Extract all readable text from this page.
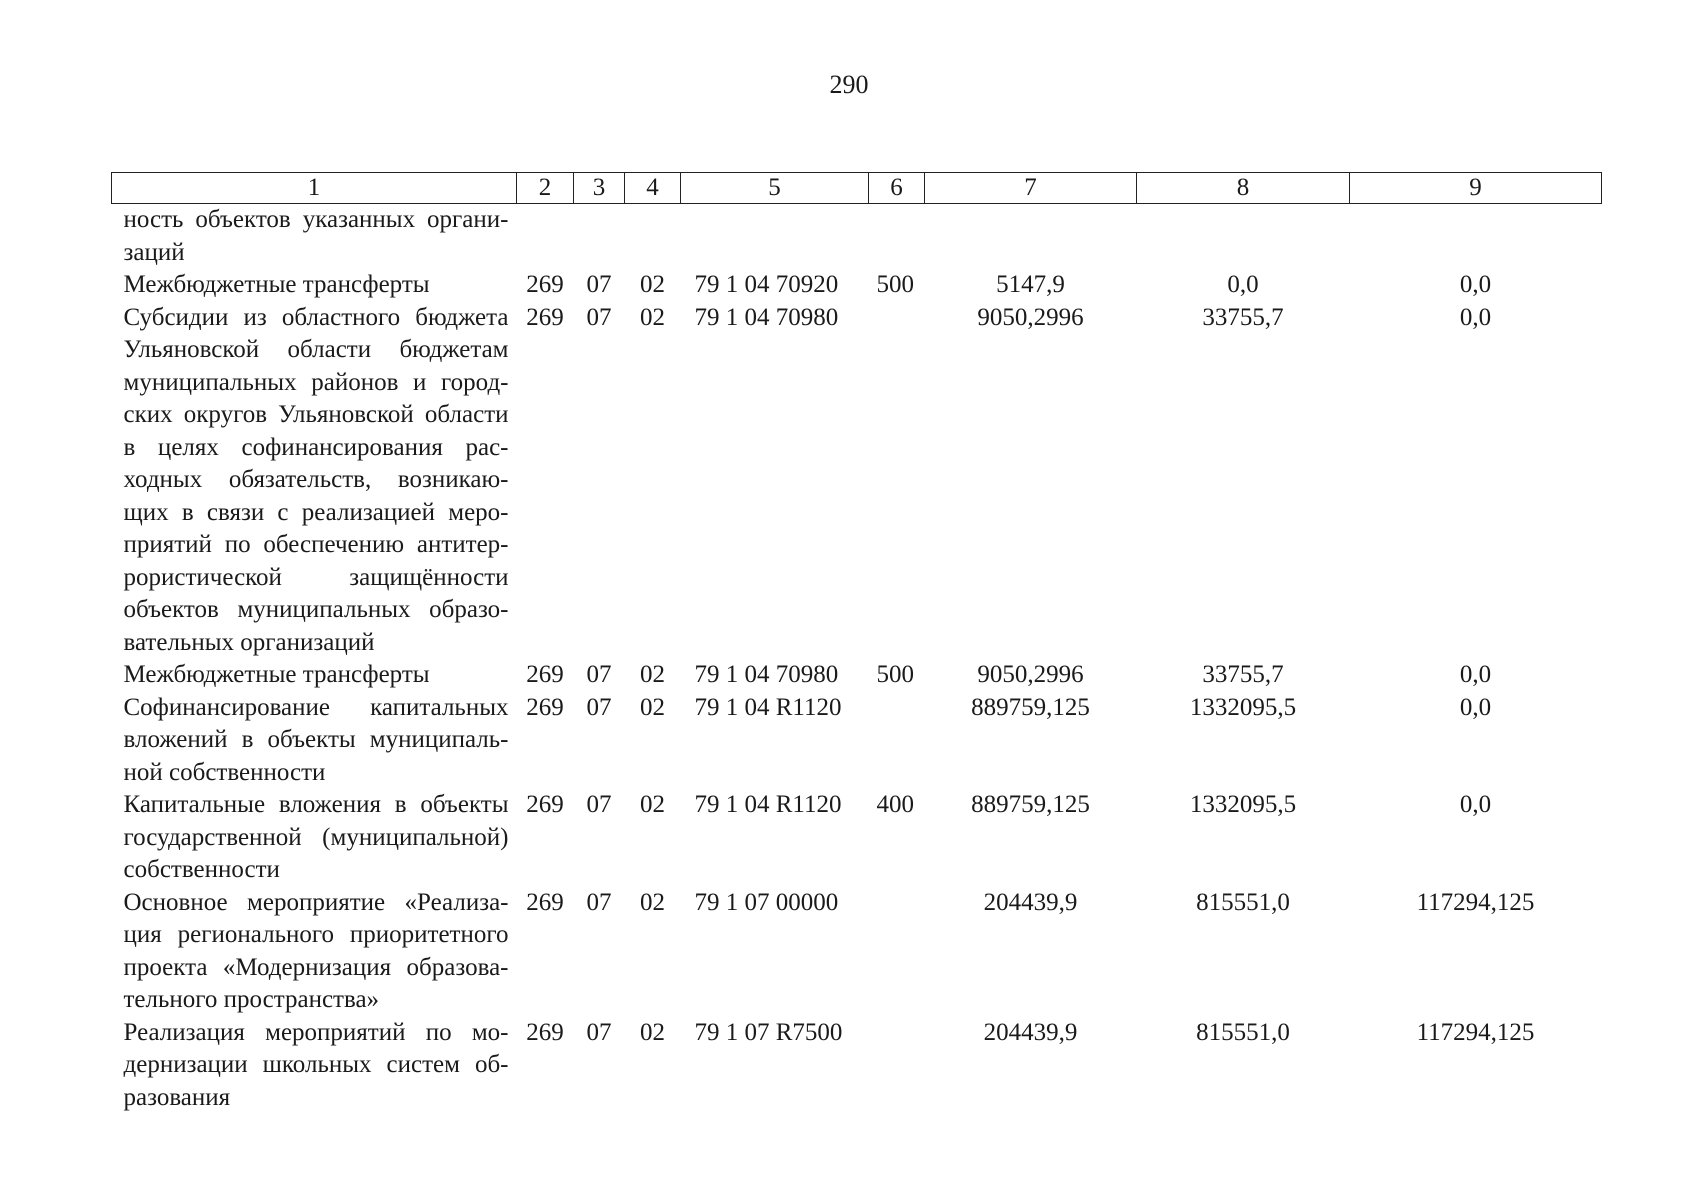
290
1	2	3	4	5	6	7	8	9
ность объектов указанных органи-заций								
Межбюджетные трансферты	269	07	02	79 1 04 70920	500	5147,9	0,0	0,0
Субсидии из областного бюджета Ульяновской области бюджетам муниципальных районов и город-ских округов Ульяновской области в целях софинансирования рас-ходных обязательств, возникаю-щих в связи с реализацией меро-приятий по обеспечению антитер-рористической защищённости объектов муниципальных образо-вательных организаций	269	07	02	79 1 04 70980		9050,2996	33755,7	0,0
Межбюджетные трансферты	269	07	02	79 1 04 70980	500	9050,2996	33755,7	0,0
Софинансирование капитальных вложений в объекты муниципаль-ной собственности	269	07	02	79 1 04 R1120		889759,125	1332095,5	0,0
Капитальные вложения в объекты государственной (муниципальной) собственности	269	07	02	79 1 04 R1120	400	889759,125	1332095,5	0,0
Основное мероприятие «Реализа-ция регионального приоритетного проекта «Модернизация образова-тельного пространства»	269	07	02	79 1 07 00000		204439,9	815551,0	117294,125
Реализация мероприятий по мо-дернизации школьных систем об-разования	269	07	02	79 1 07 R7500		204439,9	815551,0	117294,125
